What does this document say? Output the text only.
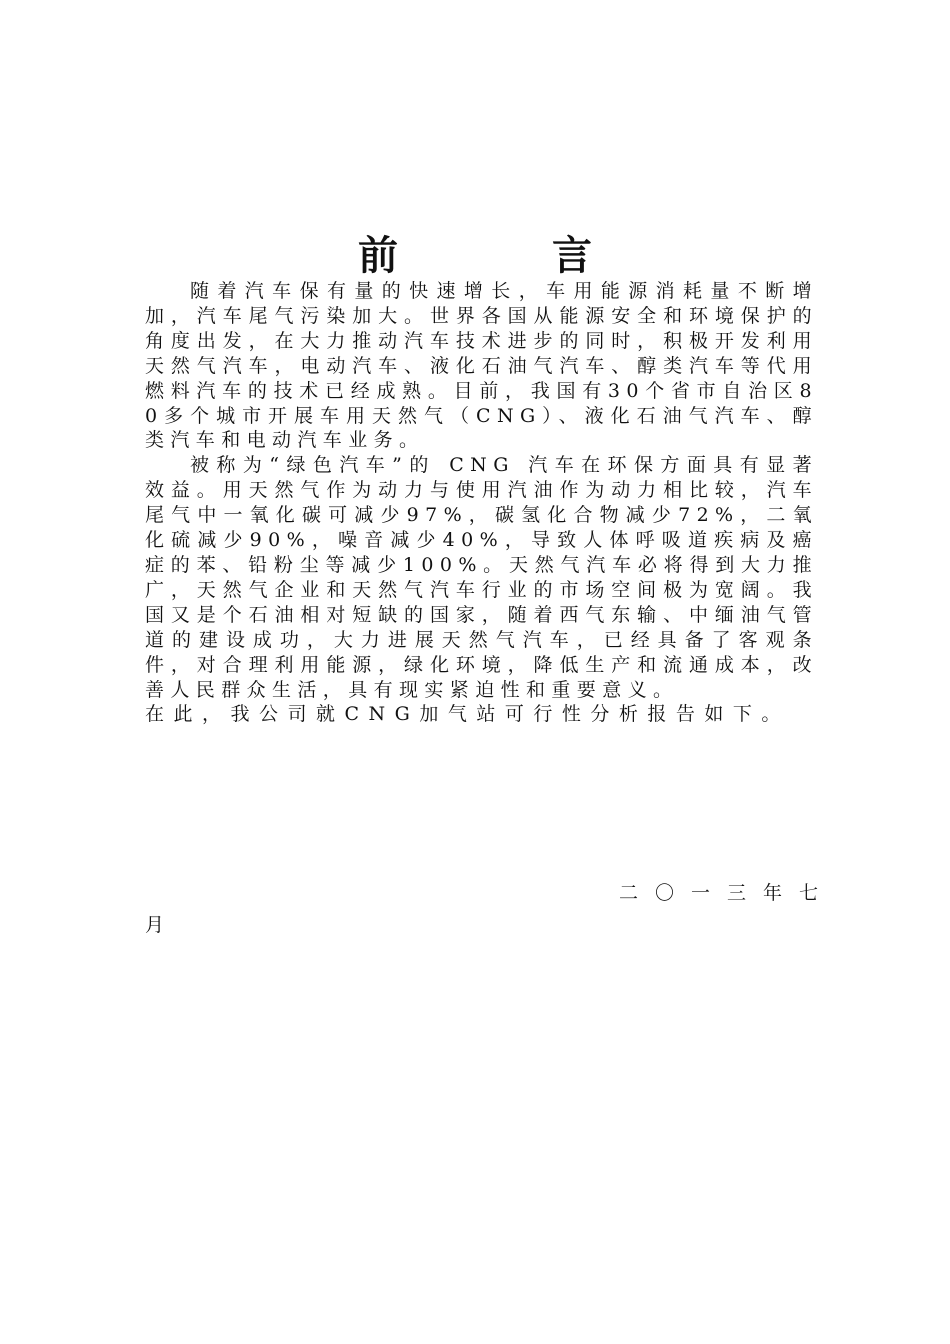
前 言

随着汽车保有量的快速增长，车用能源消耗量不断增加，汽车尾气污染加大。世界各国从能源安全和环境保护的角度出发，在大力推动汽车技术进步的同时，积极开发利用天然气汽车，电动汽车、液化石油气汽车、醇类汽车等代用燃料汽车的技术已经成熟。目前，我国有30个省市自治区80多个城市开展车用天然气（CNG）、液化石油气汽车、醇类汽车和电动汽车业务。

被称为“绿色汽车”的 CNG 汽车在环保方面具有显著效益。用天然气作为动力与使用汽油作为动力相比较，汽车尾气中一氧化碳可减少97%，碳氢化合物减少72%，二氧化硫减少90%，噪音减少40%，导致人体呼吸道疾病及癌症的苯、铅粉尘等减少100%。天然气汽车必将得到大力推广，天然气企业和天然气汽车行业的市场空间极为宽阔。我国又是个石油相对短缺的国家，随着西气东输、中缅油气管道的建设成功，大力进展天然气汽车，已经具备了客观条件，对合理利用能源，绿化环境，降低生产和流通成本，改善人民群众生活，具有现实紧迫性和重要意义。

在此，我公司就CNG加气站可行性分析报告如下。

二〇一三年七
月
